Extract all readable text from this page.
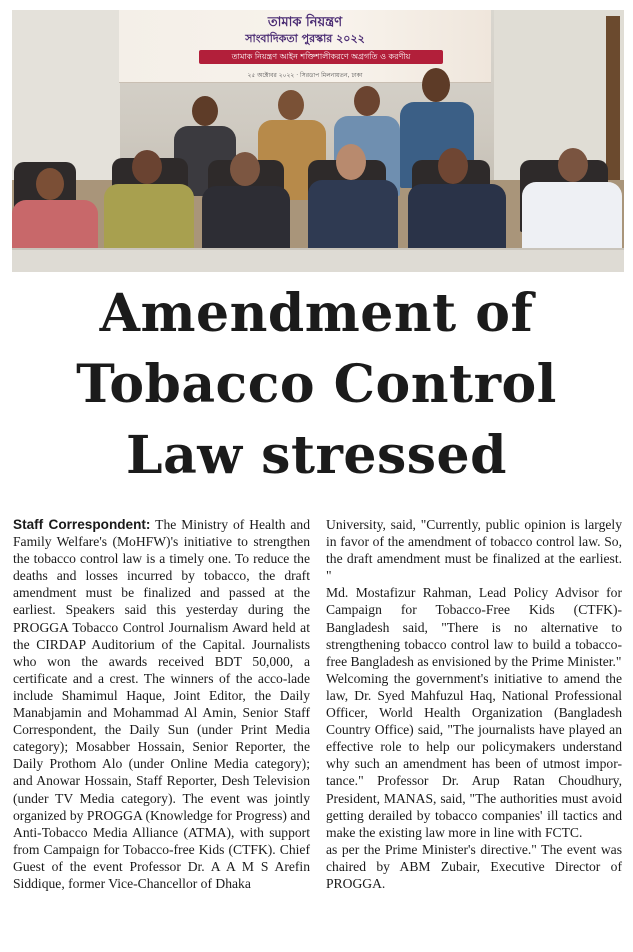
তামাক নিয়ন্ত্রণ
সাংবাদিকতা পুরস্কার ২০২২
তামাক নিয়ন্ত্রণ আইন শক্তিশালীকরণে অগ্রগতি ও করণীয়
২৫ অক্টোবর ২০২২ · সিরডাপ মিলনায়তন, ঢাকা
Amendment of
Tobacco Control
Law stressed

Staff Correspondent: The Ministry of Health and Family Welfare's (MoHFW)'s initiative to strengthen the tobacco control law is a timely one. To reduce the deaths and losses incurred by tobacco, the draft amendment must be finalized and passed at the earliest. Speakers said this yesterday during the PROGGA Tobacco Control Journalism Award held at the CIRDAP Auditorium of the Capital. Journalists who won the awards received BDT 50,000, a certificate and a crest. The winners of the acco-lade include Shamimul Haque, Joint Editor, the Daily Manabjamin and Mohammad Al Amin, Senior Staff Correspondent, the Daily Sun (under Print Media category); Mosabber Hossain, Senior Reporter, the Daily Prothom Alo (under Online Media category); and Anowar Hossain, Staff Reporter, Desh Television (under TV Media category). The event was jointly organized by PROGGA (Knowledge for Progress) and Anti-Tobacco Media Alliance (ATMA), with support from Campaign for Tobacco-free Kids (CTFK). Chief Guest of the event Professor Dr. A A M S Arefin Siddique, former Vice-Chancellor of Dhaka

University, said, "Currently, public opinion is largely in favor of the amendment of tobacco control law. So, the draft amendment must be finalized at the earliest. "

Md. Mostafizur Rahman, Lead Policy Advisor for Campaign for Tobacco-Free Kids (CTFK)-Bangladesh said, "There is no alternative to strengthening tobacco control law to build a tobacco-free Bangladesh as envisioned by the Prime Minister."

Welcoming the government's initiative to amend the law, Dr. Syed Mahfuzul Haq, National Professional Officer, World Health Organization (Bangladesh Country Office) said, "The journalists have played an effective role to help our policymakers understand why such an amendment has been of utmost impor-tance." Professor Dr. Arup Ratan Choudhury, President, MANAS, said, "The authorities must avoid getting derailed by tobacco companies' ill tactics and make the existing law more in line with FCTC.

as per the Prime Minister's directive." The event was chaired by ABM Zubair, Executive Director of PROGGA.
